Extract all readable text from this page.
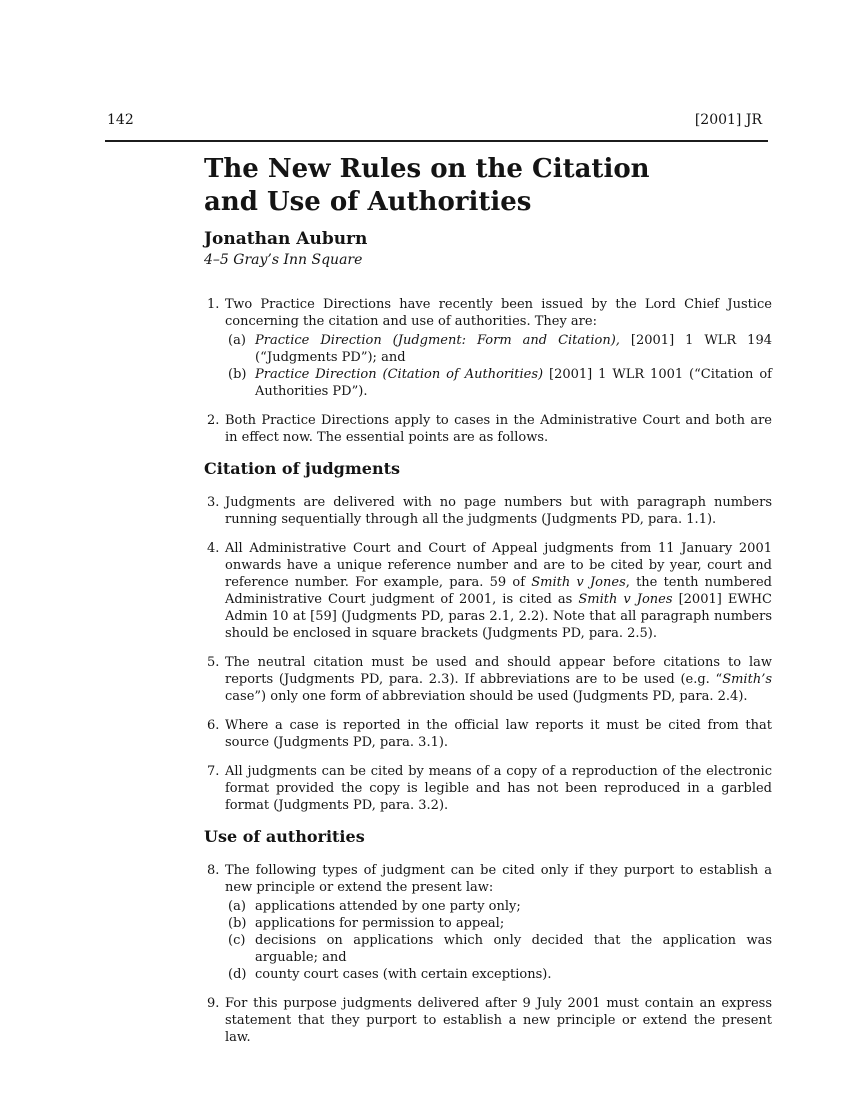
142	[2001] JR
The New Rules on the Citation
and Use of Authorities
Jonathan Auburn
4–5 Gray’s Inn Square
1. Two Practice Directions have recently been issued by the Lord Chief Justice concerning the citation and use of authorities. They are:
(a) Practice Direction (Judgment: Form and Citation), [2001] 1 WLR 194 (“Judgments PD”); and
(b) Practice Direction (Citation of Authorities) [2001] 1 WLR 1001 (“Citation of Authorities PD”).
2. Both Practice Directions apply to cases in the Administrative Court and both are in effect now. The essential points are as follows.
Citation of judgments
3. Judgments are delivered with no page numbers but with paragraph numbers running sequentially through all the judgments (Judgments PD, para. 1.1).
4. All Administrative Court and Court of Appeal judgments from 11 January 2001 onwards have a unique reference number and are to be cited by year, court and reference number. For example, para. 59 of Smith v Jones, the tenth numbered Administrative Court judgment of 2001, is cited as Smith v Jones [2001] EWHC Admin 10 at [59] (Judgments PD, paras 2.1, 2.2). Note that all paragraph numbers should be enclosed in square brackets (Judgments PD, para. 2.5).
5. The neutral citation must be used and should appear before citations to law reports (Judgments PD, para. 2.3). If abbreviations are to be used (e.g. “Smith’s case”) only one form of abbreviation should be used (Judgments PD, para. 2.4).
6. Where a case is reported in the official law reports it must be cited from that source (Judgments PD, para. 3.1).
7. All judgments can be cited by means of a copy of a reproduction of the electronic format provided the copy is legible and has not been reproduced in a garbled format (Judgments PD, para. 3.2).
Use of authorities
8. The following types of judgment can be cited only if they purport to establish a new principle or extend the present law:
(a) applications attended by one party only;
(b) applications for permission to appeal;
(c) decisions on applications which only decided that the application was arguable; and
(d) county court cases (with certain exceptions).
9. For this purpose judgments delivered after 9 July 2001 must contain an express statement that they purport to establish a new principle or extend the present law.
